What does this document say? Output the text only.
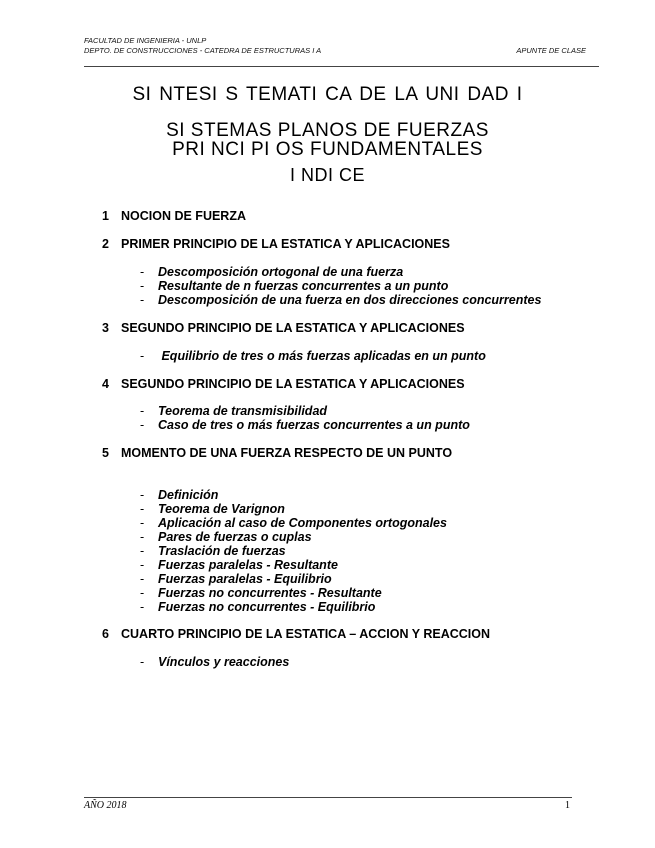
FACULTAD DE INGENIERIA - UNLP
DEPTO. DE CONSTRUCCIONES - CATEDRA DE ESTRUCTURAS I A	APUNTE DE CLASE
SI NTESI S TEMATI CA DE LA UNI DAD I
SI STEMAS PLANOS DE FUERZAS
PRI NCI PI OS FUNDAMENTALES
I NDI CE
1 NOCION DE FUERZA
2 PRIMER PRINCIPIO DE LA ESTATICA Y APLICACIONES
- Descomposición ortogonal de una fuerza
- Resultante de n fuerzas concurrentes a un punto
- Descomposición de una fuerza en dos direcciones concurrentes
3 SEGUNDO PRINCIPIO DE LA ESTATICA Y APLICACIONES
- Equilibrio de tres o más fuerzas aplicadas en un punto
4 SEGUNDO PRINCIPIO DE LA ESTATICA Y APLICACIONES
- Teorema de transmisibilidad
- Caso de tres o más fuerzas concurrentes a un punto
5 MOMENTO DE UNA FUERZA RESPECTO DE UN PUNTO
- Definición
- Teorema de Varignon
- Aplicación al caso de Componentes ortogonales
- Pares de fuerzas o cuplas
- Traslación de fuerzas
- Fuerzas paralelas - Resultante
- Fuerzas paralelas - Equilibrio
- Fuerzas no concurrentes - Resultante
- Fuerzas no concurrentes - Equilibrio
6 CUARTO PRINCIPIO DE LA ESTATICA – ACCION Y REACCION
- Vínculos y reacciones
AÑO 2018	1
